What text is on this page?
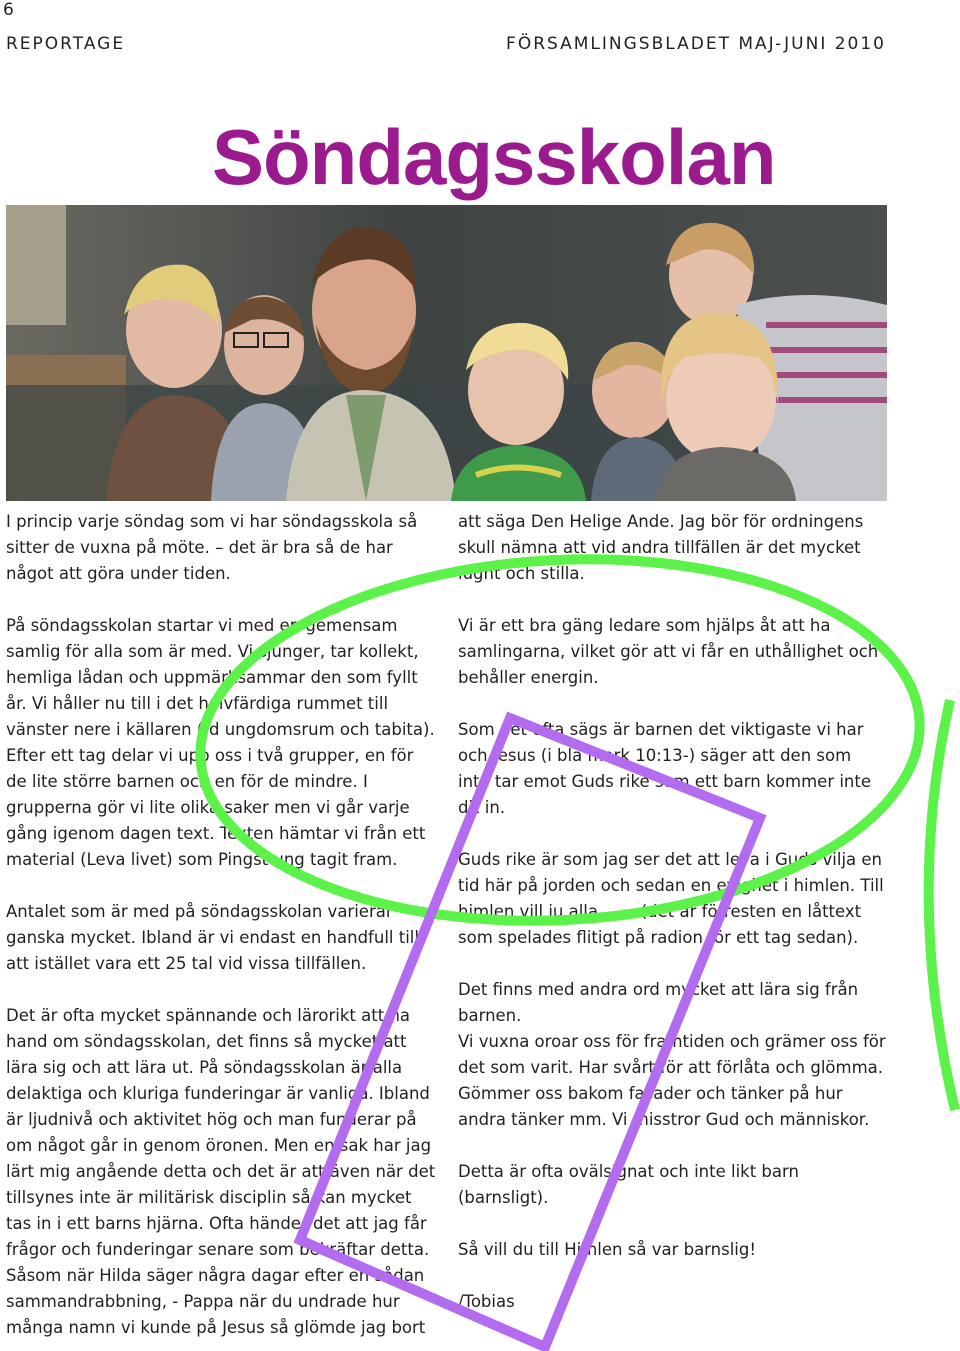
6
REPORTAGE	FÖRSAMLINGSBLADET MAJ-JUNI 2010
Söndagsskolan

I princip varje söndag som vi har söndagsskola så sitter de vuxna på möte. – det är bra så de har något att göra under tiden.

På söndagsskolan startar vi med en gemensam samlig för alla som är med. Vi sjunger, tar kollekt, hemliga lådan och uppmärksammar den som fyllt år. Vi håller nu till i det halvfärdiga rummet till vänster nere i källaren (fd ungdomsrum och tabita). Efter ett tag delar vi upp oss i två grupper, en för de lite större barnen och en för de mindre. I grupperna gör vi lite olika saker men vi går varje gång igenom dagen text. Texten hämtar vi från ett material (Leva livet) som Pingst ung tagit fram.

Antalet som är med på söndagsskolan varierar ganska mycket. Ibland är vi endast en handfull till att istället vara ett 25 tal vid vissa tillfällen.

Det är ofta mycket spännande och lärorikt att ha hand om söndagsskolan, det finns så mycket att lära sig och att lära ut. På söndagsskolan är alla delaktiga och kluriga funderingar är vanliga. Ibland är ljudnivå och aktivitet hög och man funderar på om något går in genom öronen. Men en sak har jag lärt mig angående detta och det är att även när det tillsynes inte är militärisk disciplin så kan mycket tas in i ett barns hjärna. Ofta händer det att jag får frågor och funderingar senare som bekräftar detta. Såsom när Hilda säger några dagar efter en sådan sammandrabbning, - Pappa när du undrade hur många namn vi kunde på Jesus så glömde jag bort

att säga Den Helige Ande. Jag bör för ordningens skull nämna att vid andra tillfällen är det mycket lugnt och stilla.

Vi är ett bra gäng ledare som hjälps åt att ha samlingarna, vilket gör att vi får en uthållighet och behåller energin.

Som det ofta sägs är barnen det viktigaste vi har och Jesus (i bla mark 10:13-) säger att den som inte tar emot Guds rike som ett barn kommer inte dit in.

Guds rike är som jag ser det att leva i Guds vilja en tid här på jorden och sedan en evighet i himlen. Till himlen vill ju alla …... (det är förresten en låttext som spelades flitigt på radion för ett tag sedan).

Det finns med andra ord mycket att lära sig från barnen.

Vi vuxna oroar oss för framtiden och grämer oss för det som varit. Har svårt för att förlåta och glömma. Gömmer oss bakom fasader och tänker på hur andra tänker mm. Vi misstror Gud och människor.

Detta är ofta ovälsignat och inte likt barn (barnsligt).

Så vill du till Himlen så var barnslig!

/Tobias
